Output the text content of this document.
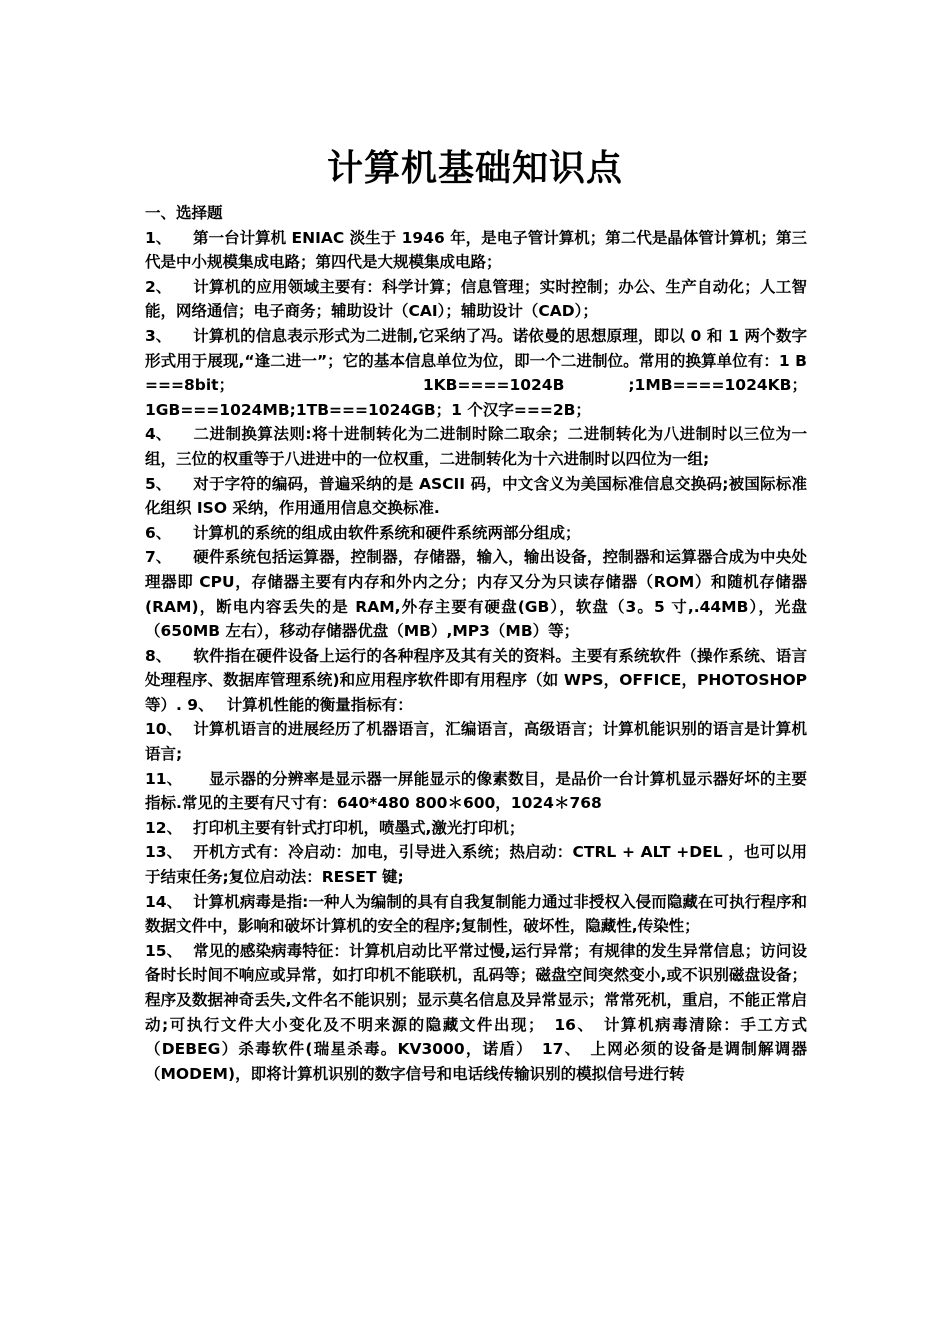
计算机基础知识点

一、选择题

1、 第一台计算机 ENIAC 淡生于 1946 年，是电子管计算机；第二代是晶体管计算机；第三代是中小规模集成电路；第四代是大规模集成电路；

2、 计算机的应用领域主要有：科学计算；信息管理；实时控制；办公、生产自动化；人工智能，网络通信；电子商务；辅助设计（CAI）；辅助设计（CAD）；

3、 计算机的信息表示形式为二进制,它采纳了冯。诺依曼的思想原理，即以 0 和 1 两个数字形式用于展现,“逢二进一”；它的基本信息单位为位，即一个二进制位。常用的换算单位有：1 B ===8bit；　 1KB====1024B ;1MB====1024KB；1GB===1024MB;1TB===1024GB；1 个汉字===2B；

4、 二进制换算法则:将十进制转化为二进制时除二取余；二进制转化为八进制时以三位为一组，三位的权重等于八进进中的一位权重，二进制转化为十六进制时以四位为一组;

5、 对于字符的编码，普遍采纳的是 ASCII 码，中文含义为美国标准信息交换码;被国际标准化组织 ISO 采纳，作用通用信息交换标准.

6、 计算机的系统的组成由软件系统和硬件系统两部分组成；

7、 硬件系统包括运算器，控制器，存储器，输入，输出设备，控制器和运算器合成为中央处理器即 CPU，存储器主要有内存和外内之分；内存又分为只读存储器（ROM）和随机存储器(RAM)，断电内容丢失的是 RAM,外存主要有硬盘(GB），软盘（3。5 寸,.44MB），光盘（650MB 左右），移动存储器优盘（MB）,MP3（MB）等；

8、 软件指在硬件设备上运行的各种程序及其有关的资料。主要有系统软件（操作系统、语言处理程序、数据库管理系统)和应用程序软件即有用程序（如 WPS，OFFICE，PHOTOSHOP 等）. 9、　 计算机性能的衡量指标有：

10、 计算机语言的进展经历了机器语言，汇编语言，高级语言；计算机能识别的语言是计算机语言;

11、　显示器的分辨率是显示器一屏能显示的像素数目，是品价一台计算机显示器好坏的主要指标.常见的主要有尺寸有：640*480 800＊600，1024＊768

12、 打印机主要有针式打印机，喷墨式,激光打印机；

13、 开机方式有：冷启动：加电，引导进入系统；热启动：CTRL + ALT +DEL ，也可以用于结束任务;复位启动法：RESET 键;

14、 计算机病毒是指:一种人为编制的具有自我复制能力通过非授权入侵而隐藏在可执行程序和数据文件中，影响和破坏计算机的安全的程序;复制性，破坏性，隐藏性,传染性；

15、 常见的感染病毒特征：计算机启动比平常过慢,运行异常；有规律的发生异常信息；访问设备时长时间不响应或异常，如打印机不能联机，乱码等；磁盘空间突然变小,或不识别磁盘设备；程序及数据神奇丢失,文件名不能识别；显示莫名信息及异常显示；常常死机，重启，不能正常启动;可执行文件大小变化及不明来源的隐藏文件出现；　16、　计算机病毒清除：手工方式（DEBEG）杀毒软件(瑞星杀毒。KV3000，诺盾）　17、　上网必须的设备是调制解调器（MODEM)，即将计算机识别的数字信号和电话线传输识别的模拟信号进行转
